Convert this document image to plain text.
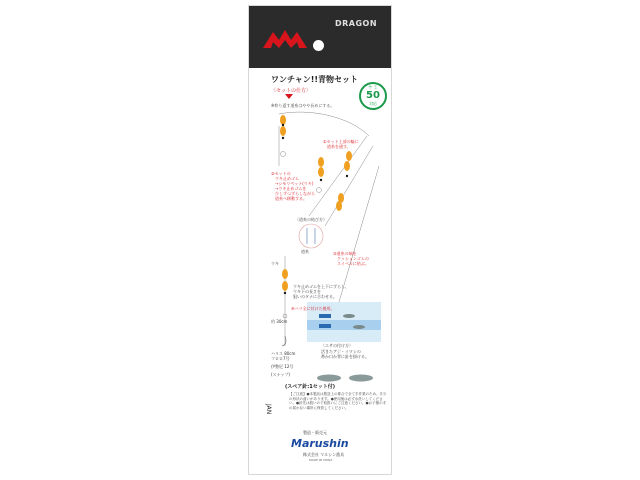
DRAGON
ワンチャン!!青物セット
〈セットの仕方〉
※枠り返す道糸はやや長めにする。
ケミ
50
対応
①セット上部の輪に
　道糸を通す。
②セットの
　ウキ止めゴム
　→シモリペット(ウキ)
　→ウキ止めゴムを
　少しずつずらしながら
　道糸へ移動する。
〈道糸の結び方〉
③道糸の端を
　クッションゴムの
　スイベルに結ぶ。
ウキ止めゴムを上下にずらし、
ウキ下の長さを
狙いのタナに合わせる。
④ハリ全に付けた後用。
〈エサの付け方〉
活きたアジ・イワシの
鼻か口か背に針を掛ける。
道糸
ウキ
約 30cm
ハリス 80cm
フロロ7号
伊勢尼 12号
(スナップ)
(スペア針:1セット付)
【ご注意】●本製品は製造上の都合で全て手作業のため、多少の形状の違いがあります。●使用後は必ず水洗いしてください。●針先は鋭いので取扱いにご注意ください。●お子様の手の届かない場所に保管してください。
JAN
製造・販売元
Marushin
株式会社 マルシン漁具
MADE IN CHINA
